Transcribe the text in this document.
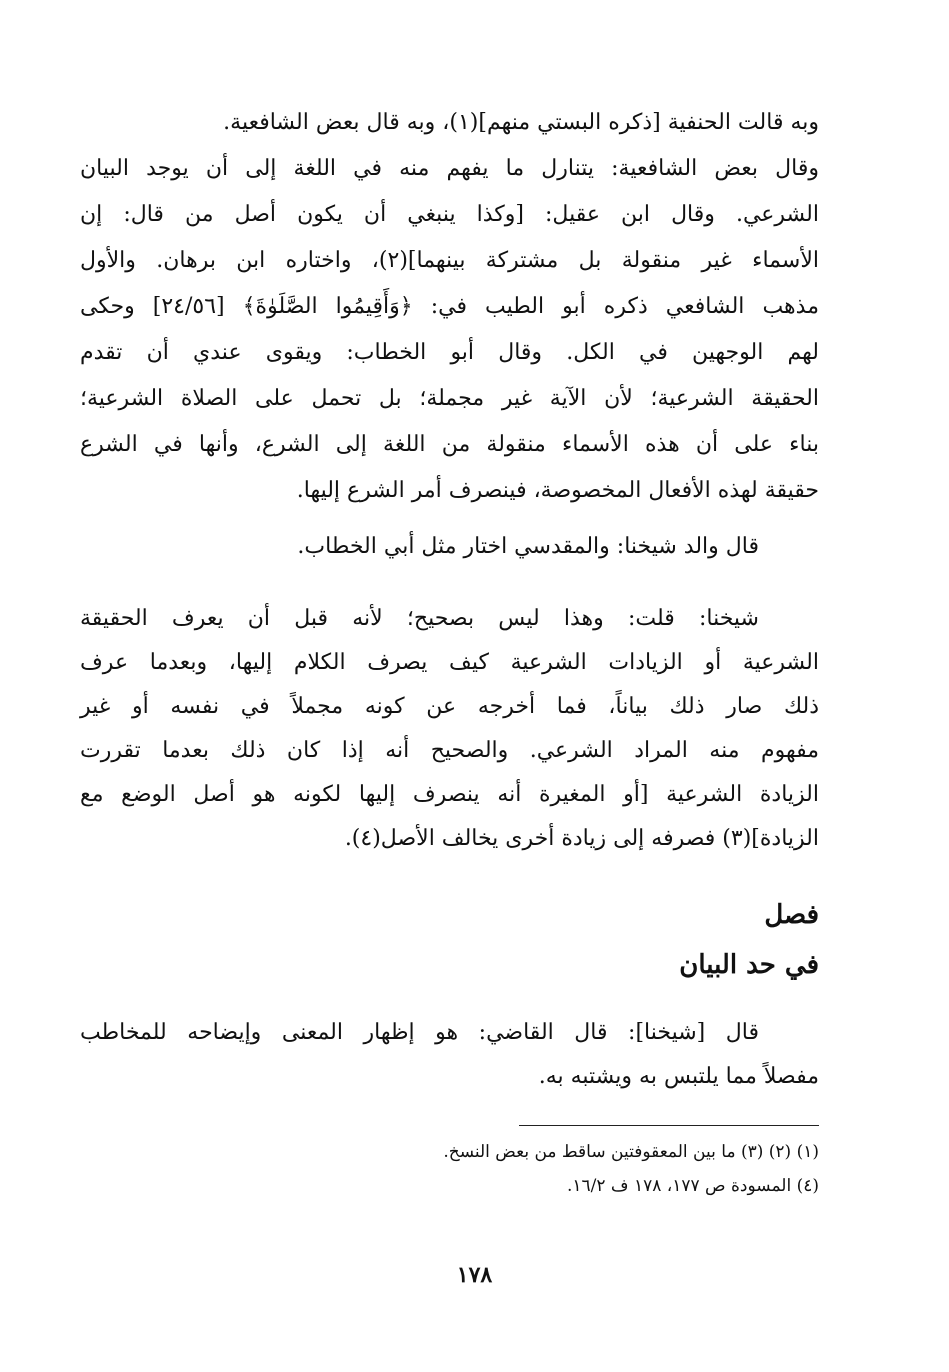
وبه قالت الحنفية [ذكره البستي منهم](١)، وبه قال بعض الشافعية.
وقال بعض الشافعية: يتنارل ما يفهم منه في اللغة إلى أن يوجد البيان
الشرعي. وقال ابن عقيل: [وكذا ينبغي أن يكون أصل من قال: إن
الأسماء غير منقولة بل مشتركة بينهما](٢)، واختاره ابن برهان. والأول
مذهب الشافعي ذكره أبو الطيب في: ﴿وَأَقِيمُوا الصَّلَوٰةَ﴾ [٢٤/٥٦] وحكى
لهم الوجهين في الكل. وقال أبو الخطاب: ويقوى عندي أن تقدم
الحقيقة الشرعية؛ لأن الآية غير مجملة؛ بل تحمل على الصلاة الشرعية؛
بناء على أن هذه الأسماء منقولة من اللغة إلى الشرع، وأنها في الشرع
حقيقة لهذه الأفعال المخصوصة، فينصرف أمر الشرع إليها.
قال والد شيخنا: والمقدسي اختار مثل أبي الخطاب.
شيخنا: قلت: وهذا ليس بصحيح؛ لأنه قبل أن يعرف الحقيقة
الشرعية أو الزيادات الشرعية كيف يصرف الكلام إليها، وبعدما عرف
ذلك صار ذلك بياناً، فما أخرجه عن كونه مجملاً في نفسه أو غير
مفهوم منه المراد الشرعي. والصحيح أنه إذا كان ذلك بعدما تقررت
الزيادة الشرعية [أو المغيرة أنه ينصرف إليها لكونه هو أصل الوضع مع
الزيادة](٣) فصرفه إلى زيادة أخرى يخالف الأصل(٤).
فصل
في حد البيان
قال [شيخنا]: قال القاضي: هو إظهار المعنى وإيضاحه للمخاطب
مفصلاً مما يلتبس به ويشتبه به.
(١) (٢) (٣) ما بين المعقوفتين ساقط من بعض النسخ.
(٤) المسودة ص ١٧٧، ١٧٨ ف ١٦/٢.
١٧٨
